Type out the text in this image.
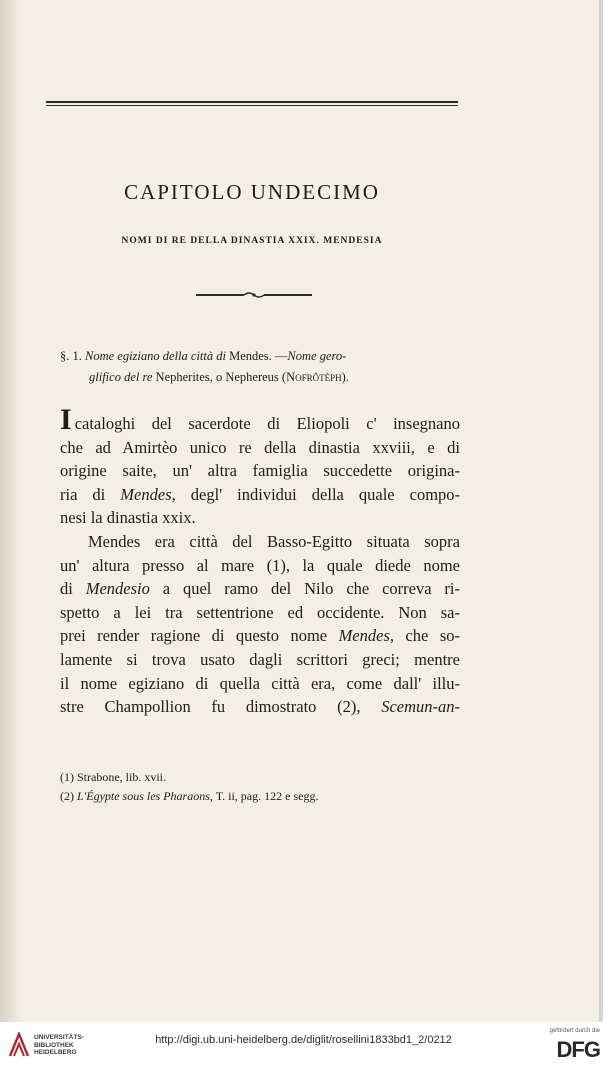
CAPITOLO UNDECIMO
NOMI DI RE DELLA DINASTIA XXIX. MENDESIA
§. 1. Nome egiziano della città di Mendes. —Nome gero-
glifico del re Nepherites, o Nephereus (Nofrôtèph).
Icataloghi del sacerdote di Eliopoli c' insegnano
che ad Amirtèo unico re della dinastia xxviii, e di
origine saite, un' altra famiglia succedette origina-
ria di Mendes, degl' individui della quale compo-
nesi la dinastia xxix.
Mendes era città del Basso-Egitto situata sopra
un' altura presso al mare (1), la quale diede nome
di Mendesio a quel ramo del Nilo che correva ri-
spetto a lei tra settentrione ed occidente. Non sa-
prei render ragione di questo nome Mendes, che so-
lamente si trova usato dagli scrittori greci; mentre
il nome egiziano di quella città era, come dall' illu-
stre Champollion fu dimostrato (2), Scemun-an-
(1) Strabone, lib. xvii.
(2) L'Égypte sous les Pharaons, T. ii, pag. 122 e segg.
UNIVERSITÄTS-
BIBLIOTHEK
HEIDELBERG
http://digi.ub.uni-heidelberg.de/diglit/rosellini1833bd1_2/0212
gefördert durch die
DFG
